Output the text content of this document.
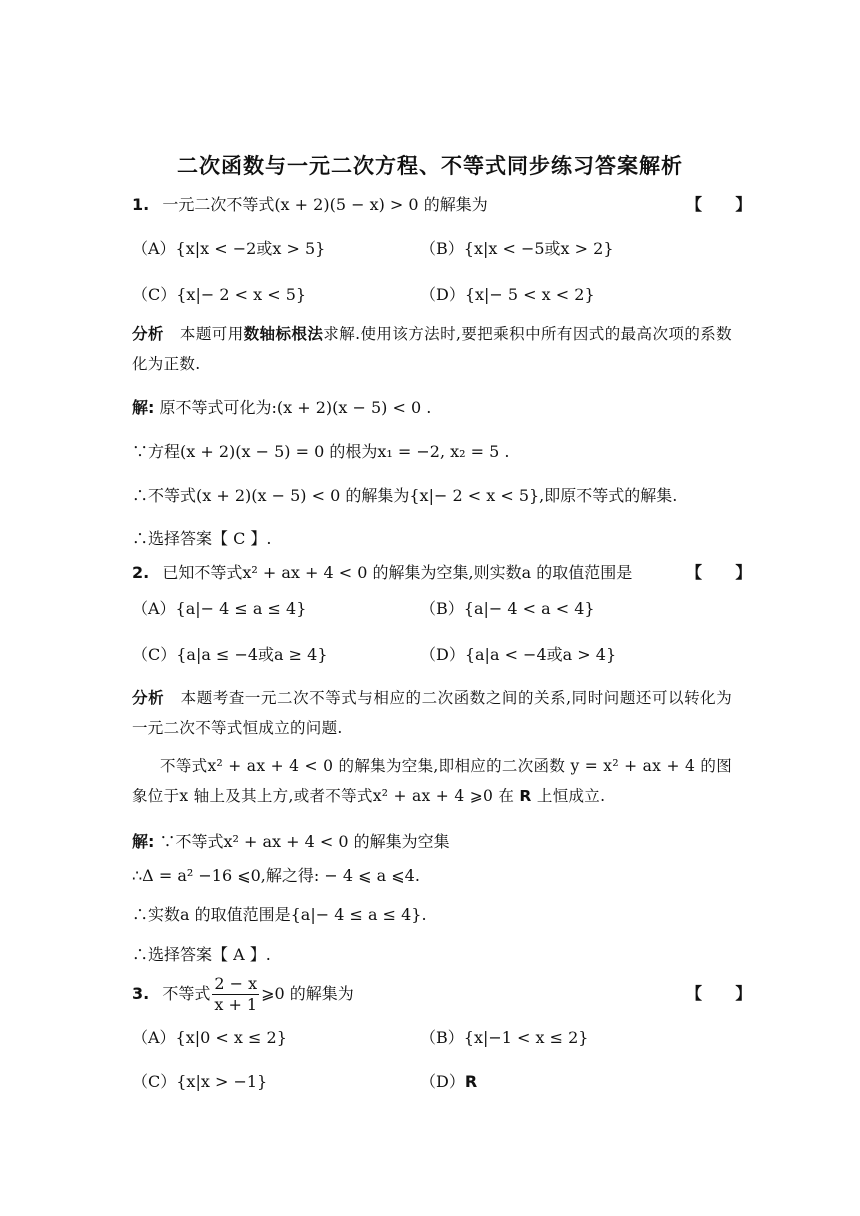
二次函数与一元二次方程、不等式同步练习答案解析
1. 一元二次不等式(x + 2)(5 − x) > 0 的解集为	【      】
（A）{x|x < −2或x > 5}	（B）{x|x < −5或x > 2}
（C）{x|− 2 < x < 5}	（D）{x|− 5 < x < 2}
分析 本题可用数轴标根法求解.使用该方法时,要把乘积中所有因式的最高次项的系数化为正数.
解: 原不等式可化为:(x + 2)(x − 5) < 0 .
∵方程(x + 2)(x − 5) = 0 的根为x₁ = −2, x₂ = 5 .
∴不等式(x + 2)(x − 5) < 0 的解集为{x|− 2 < x < 5},即原不等式的解集.
∴选择答案【 C 】.
2. 已知不等式x² + ax + 4 < 0 的解集为空集,则实数a 的取值范围是	【      】
（A）{a|− 4 ≤ a ≤ 4}	（B）{a|− 4 < a < 4}
（C）{a|a ≤ −4或a ≥ 4}	（D）{a|a < −4或a > 4}
分析 本题考查一元二次不等式与相应的二次函数之间的关系,同时问题还可以转化为一元二次不等式恒成立的问题.
不等式x² + ax + 4 < 0 的解集为空集,即相应的二次函数 y = x² + ax + 4 的图象位于x 轴上及其上方,或者不等式x² + ax + 4 ⩾0 在 R 上恒成立.
解: ∵不等式x² + ax + 4 < 0 的解集为空集
∴Δ = a² −16 ⩽0,解之得: − 4 ⩽ a ⩽4.
∴实数a 的取值范围是{a|− 4 ≤ a ≤ 4}.
∴选择答案【 A 】.
3. 不等式 $\frac{2 - x}{x + 1}$ ⩾0 的解集为	【      】
（A）{x|0 < x ≤ 2}	（B）{x|−1 < x ≤ 2}
（C）{x|x > −1}	（D）R
